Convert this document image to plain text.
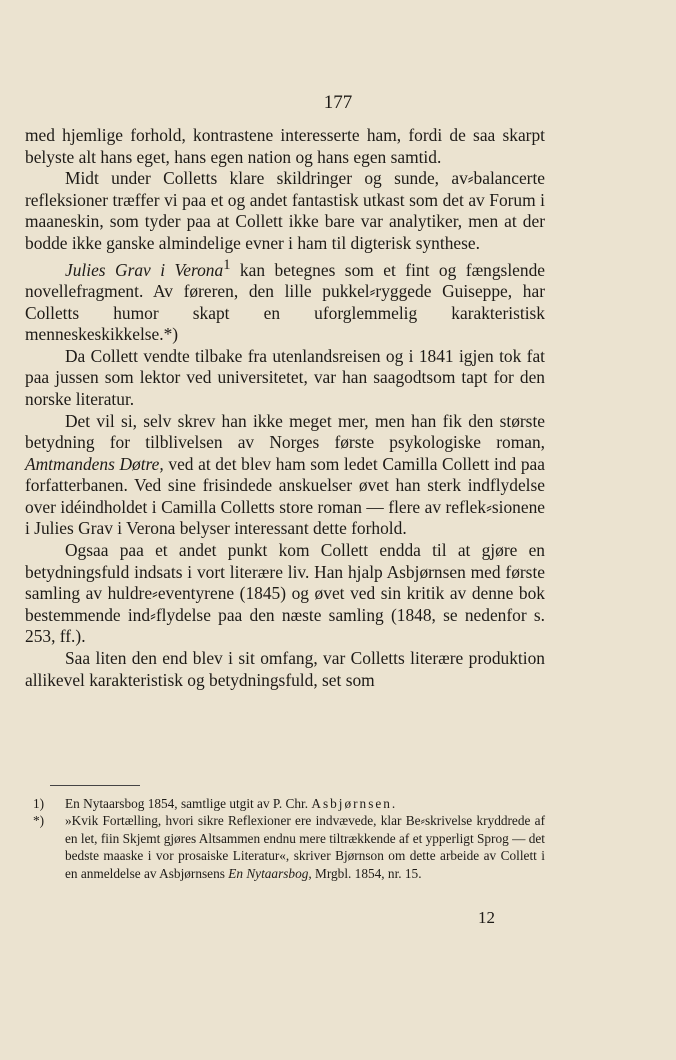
177

med hjemlige forhold, kontrastene interesserte ham, fordi de saa skarpt belyste alt hans eget, hans egen nation og hans egen samtid.

Midt under Colletts klare skildringer og sunde, av⸗balancerte refleksioner træffer vi paa et og andet fantastisk utkast som det av Forum i maaneskin, som tyder paa at Collett ikke bare var analytiker, men at der bodde ikke ganske almindelige evner i ham til digterisk synthese.

Julies Grav i Verona$^1$ kan betegnes som et fint og fængslende novellefragment. Av føreren, den lille pukkel⸗ryggede Guiseppe, har Colletts humor skapt en uforglemmelig karakteristisk menneskeskikkelse.*)

Da Collett vendte tilbake fra utenlandsreisen og i 1841 igjen tok fat paa jussen som lektor ved universitetet, var han saagodtsom tapt for den norske literatur.

Det vil si, selv skrev han ikke meget mer, men han fik den største betydning for tilblivelsen av Norges første psykologiske roman, Amtmandens Døtre, ved at det blev ham som ledet Camilla Collett ind paa forfatterbanen. Ved sine frisindede anskuelser øvet han sterk indflydelse over idéindholdet i Camilla Colletts store roman — flere av reflek⸗sionene i Julies Grav i Verona belyser interessant dette forhold.

Ogsaa paa et andet punkt kom Collett endda til at gjøre en betydningsfuld indsats i vort literære liv. Han hjalp Asbjørnsen med første samling av huldre⸗eventyrene (1845) og øvet ved sin kritik av denne bok bestemmende ind⸗flydelse paa den næste samling (1848, se nedenfor s. 253, ff.).

Saa liten den end blev i sit omfang, var Colletts literære produktion allikevel karakteristisk og betydningsfuld, set som

1)	En Nytaarsbog 1854, samtlige utgit av P. Chr. Asbjørnsen.
*)	»Kvik Fortælling, hvori sikre Reflexioner ere indvævede, klar Be⸗skrivelse kryddrede af en let, fiin Skjemt gjøres Altsammen endnu mere tiltrækkende af et ypperligt Sprog — det bedste maaske i vor prosaiske Literatur«, skriver Bjørnson om dette arbeide av Collett i en anmeldelse av Asbjørnsens En Nytaarsbog, Mrgbl. 1854, nr. 15.
12
